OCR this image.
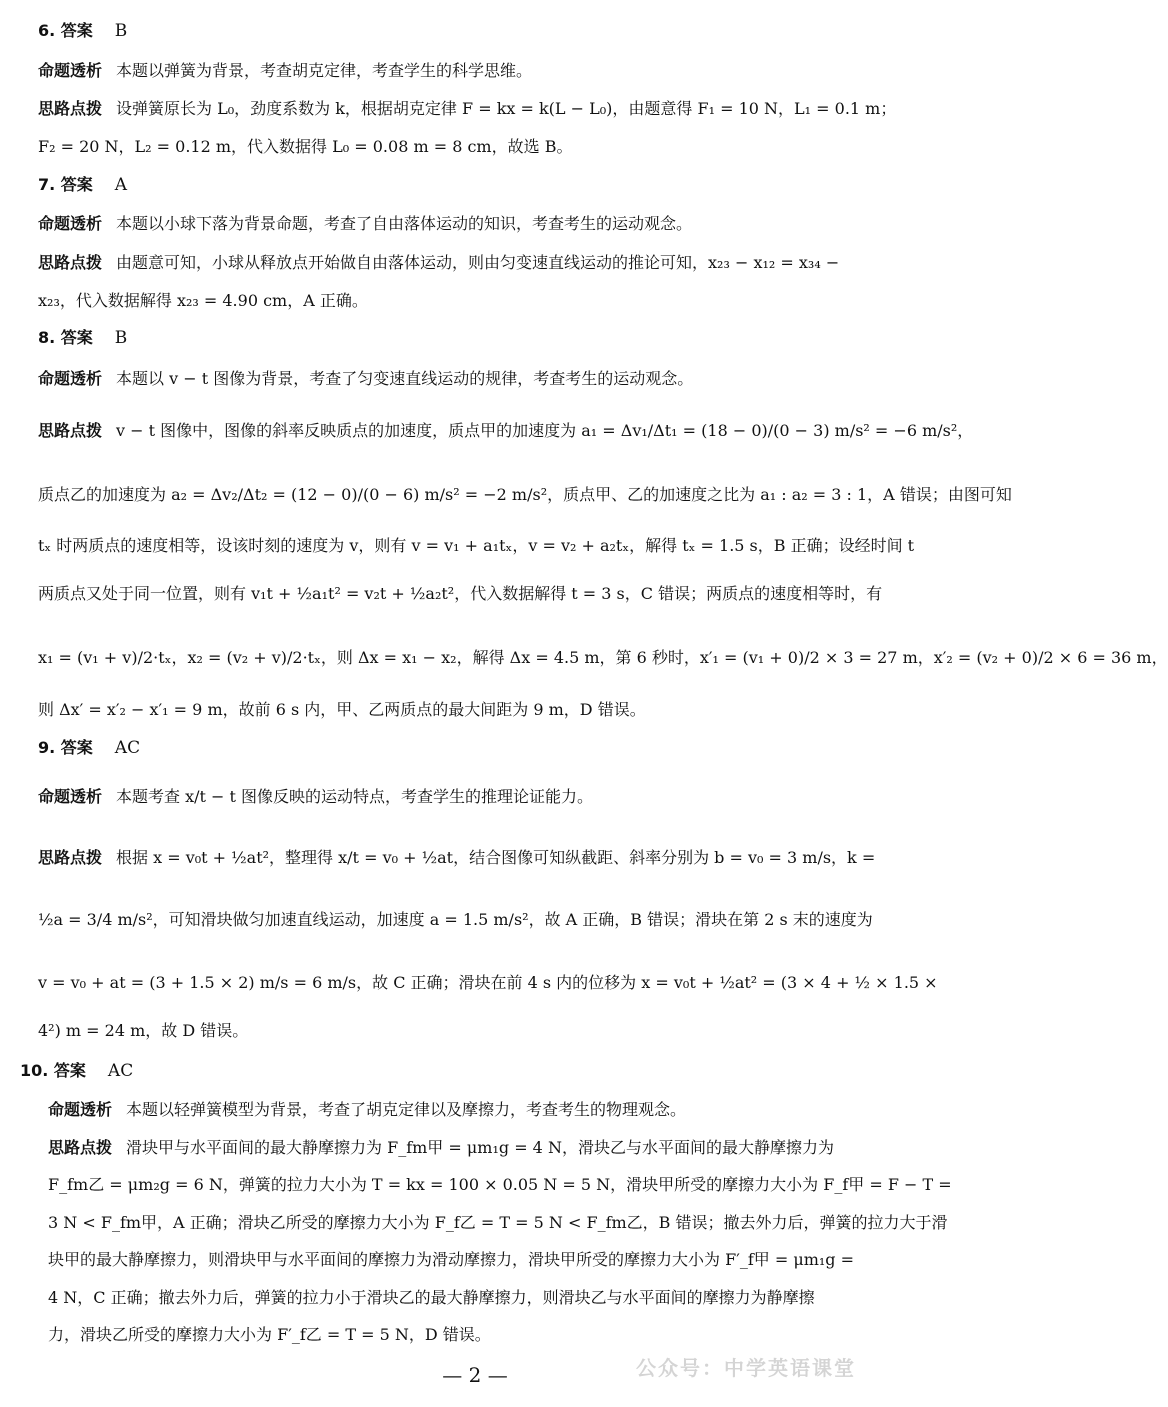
6. 答案 B
命题透析 本题以弹簧为背景，考查胡克定律，考查学生的科学思维。
思路点拨 设弹簧原长为 L₀，劲度系数为 k，根据胡克定律 F = kx = k(L − L₀)，由题意得 F₁ = 10 N，L₁ = 0.1 m；
F₂ = 20 N，L₂ = 0.12 m，代入数据得 L₀ = 0.08 m = 8 cm，故选 B。
7. 答案 A
命题透析 本题以小球下落为背景命题，考查了自由落体运动的知识，考查考生的运动观念。
思路点拨 由题意可知，小球从释放点开始做自由落体运动，则由匀变速直线运动的推论可知，x₂₃ − x₁₂ = x₃₄ −
x₂₃，代入数据解得 x₂₃ = 4.90 cm，A 正确。
8. 答案 B
命题透析 本题以 v − t 图像为背景，考查了匀变速直线运动的规律，考查考生的运动观念。
思路点拨 v − t 图像中，图像的斜率反映质点的加速度，质点甲的加速度为 a₁ = Δv₁/Δt₁ = (18 − 0)/(0 − 3) m/s² = −6 m/s²，
质点乙的加速度为 a₂ = Δv₂/Δt₂ = (12 − 0)/(0 − 6) m/s² = −2 m/s²，质点甲、乙的加速度之比为 a₁ : a₂ = 3 : 1，A 错误；由图可知
tₓ 时两质点的速度相等，设该时刻的速度为 v，则有 v = v₁ + a₁tₓ，v = v₂ + a₂tₓ，解得 tₓ = 1.5 s，B 正确；设经时间 t
两质点又处于同一位置，则有 v₁t + ½a₁t² = v₂t + ½a₂t²，代入数据解得 t = 3 s，C 错误；两质点的速度相等时，有
x₁ = (v₁ + v)/2·tₓ，x₂ = (v₂ + v)/2·tₓ，则 Δx = x₁ − x₂，解得 Δx = 4.5 m，第 6 秒时，x′₁ = (v₁ + 0)/2 × 3 = 27 m，x′₂ = (v₂ + 0)/2 × 6 = 36 m，
则 Δx′ = x′₂ − x′₁ = 9 m，故前 6 s 内，甲、乙两质点的最大间距为 9 m，D 错误。
9. 答案 AC
命题透析 本题考查 x/t − t 图像反映的运动特点，考查学生的推理论证能力。
思路点拨 根据 x = v₀t + ½at²，整理得 x/t = v₀ + ½at，结合图像可知纵截距、斜率分别为 b = v₀ = 3 m/s，k =
½a = 3/4 m/s²，可知滑块做匀加速直线运动，加速度 a = 1.5 m/s²，故 A 正确，B 错误；滑块在第 2 s 末的速度为
v = v₀ + at = (3 + 1.5 × 2) m/s = 6 m/s，故 C 正确；滑块在前 4 s 内的位移为 x = v₀t + ½at² = (3 × 4 + ½ × 1.5 ×
4²) m = 24 m，故 D 错误。
10. 答案 AC
命题透析 本题以轻弹簧模型为背景，考查了胡克定律以及摩擦力，考查考生的物理观念。
思路点拨 滑块甲与水平面间的最大静摩擦力为 F_fm甲 = μm₁g = 4 N，滑块乙与水平面间的最大静摩擦力为
F_fm乙 = μm₂g = 6 N，弹簧的拉力大小为 T = kx = 100 × 0.05 N = 5 N，滑块甲所受的摩擦力大小为 F_f甲 = F − T =
3 N < F_fm甲，A 正确；滑块乙所受的摩擦力大小为 F_f乙 = T = 5 N < F_fm乙，B 错误；撤去外力后，弹簧的拉力大于滑
块甲的最大静摩擦力，则滑块甲与水平面间的摩擦力为滑动摩擦力，滑块甲所受的摩擦力大小为 F′_f甲 = μm₁g =
4 N，C 正确；撤去外力后，弹簧的拉力小于滑块乙的最大静摩擦力，则滑块乙与水平面间的摩擦力为静摩擦
力，滑块乙所受的摩擦力大小为 F′_f乙 = T = 5 N，D 错误。
— 2 —	公众号：中学英语课堂
